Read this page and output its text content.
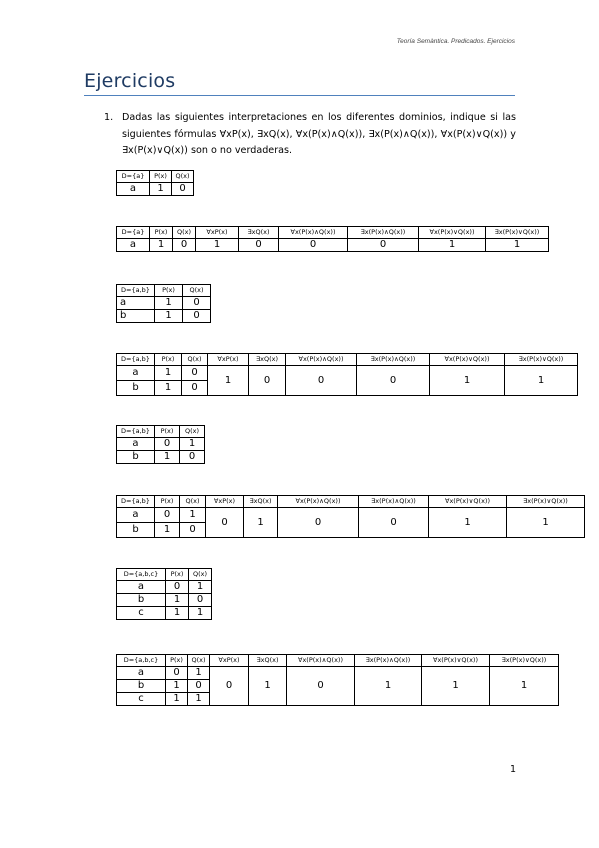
Teoría Semàntica. Predicados. Ejercicios
Ejercicios
1. Dadas las siguientes interpretaciones en los diferentes dominios, indique si las siguientes fórmulas ∀xP(x), ∃xQ(x), ∀x(P(x)∧Q(x)), ∃x(P(x)∧Q(x)), ∀x(P(x)∨Q(x)) y ∃x(P(x)∨Q(x)) son o no verdaderas.
D={a}	P(x)	Q(x)
a	1	0
D={a}	P(x)	Q(x)	∀xP(x)	∃xQ(x)	∀x(P(x)∧Q(x))	∃x(P(x)∧Q(x))	∀x(P(x)∨Q(x))	∃x(P(x)∨Q(x))
a	1	0	1	0	0	0	1	1
D={a,b}	P(x)	Q(x)
a	1	0
b	1	0
D={a,b}	P(x)	Q(x)	∀xP(x)	∃xQ(x)	∀x(P(x)∧Q(x))	∃x(P(x)∧Q(x))	∀x(P(x)∨Q(x))	∃x(P(x)∨Q(x))
a	1	0	1	0	0	0	1	1
b	1	0						
D={a,b}	P(x)	Q(x)
a	0	1
b	1	0
D={a,b}	P(x)	Q(x)	∀xP(x)	∃xQ(x)	∀x(P(x)∧Q(x))	∃x(P(x)∧Q(x))	∀x(P(x)∨Q(x))	∃x(P(x)∨Q(x))
a	0	1	0	1	0	0	1	1
b	1	0						
D={a,b,c}	P(x)	Q(x)
a	0	1
b	1	0
c	1	1
D={a,b,c}	P(x)	Q(x)	∀xP(x)	∃xQ(x)	∀x(P(x)∧Q(x))	∃x(P(x)∧Q(x))	∀x(P(x)∨Q(x))	∃x(P(x)∨Q(x))
a	0	1	0	1	0	1	1	1
b	1	0						
c	1	1						
1
